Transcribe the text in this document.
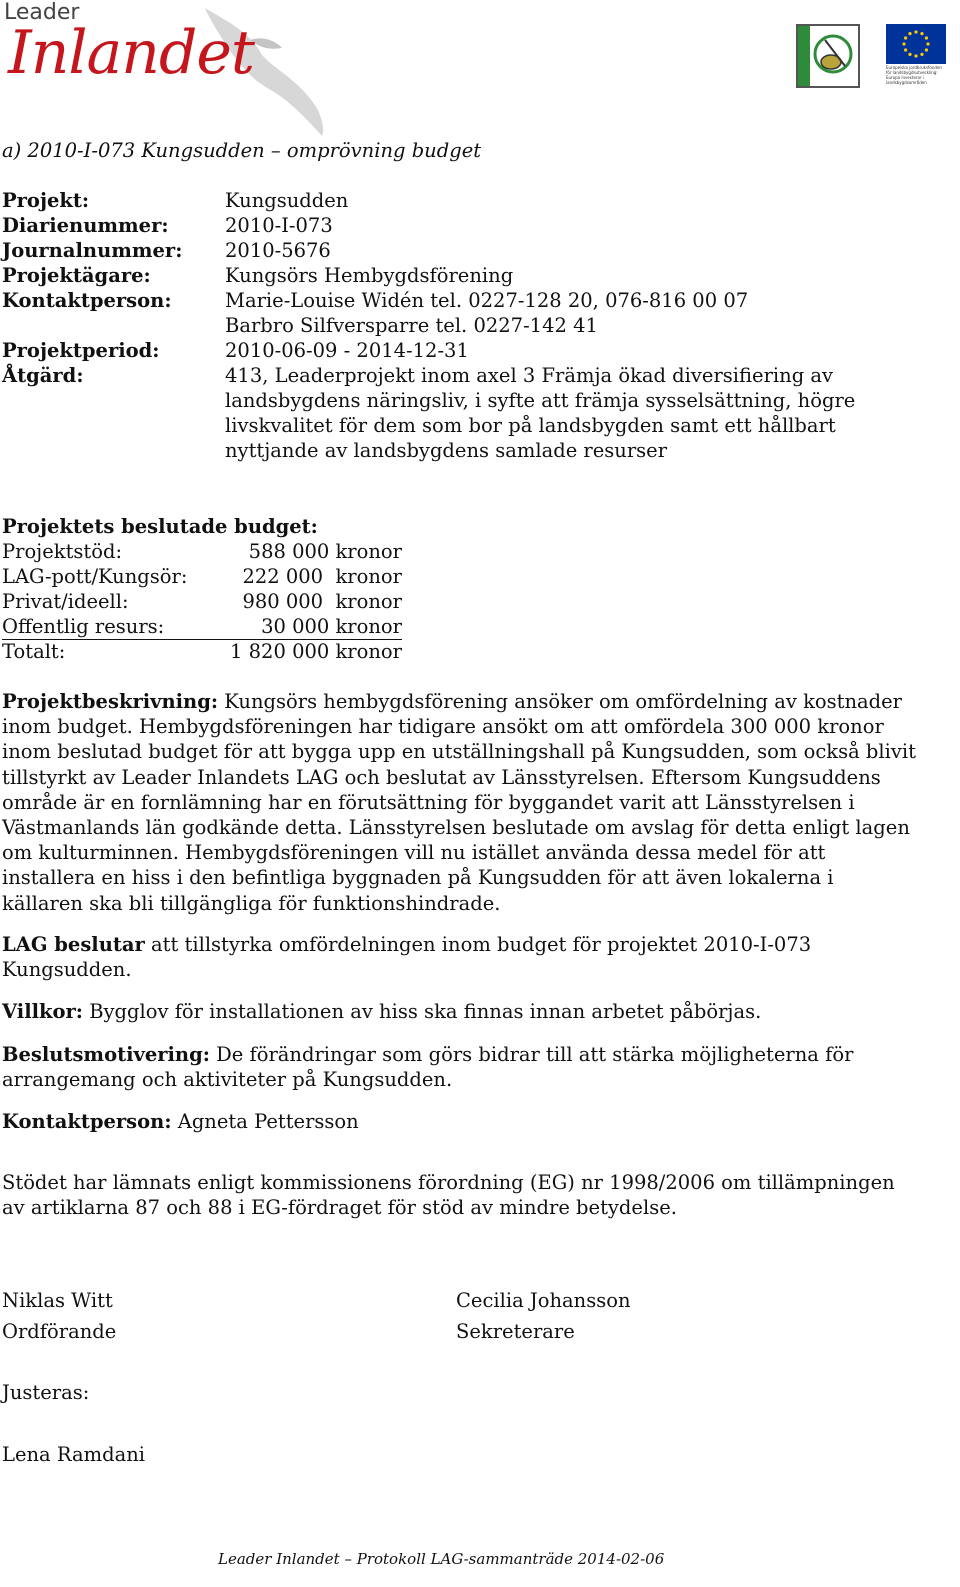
Leader
Inlandet	LEADER	Europeiska jordbruksfonden för landsbygdsutveckling: Europa investerar i landsbygdsområden
a) 2010-I-073 Kungsudden – omprövning budget
Projekt:	Kungsudden
Diarienummer:	2010-I-073
Journalnummer: 2010-5676
Projektägare:	Kungsörs Hembygdsförening
Kontaktperson:	Marie-Louise Widén tel. 0227-128 20, 076-816 00 07
Barbro Silfversparre tel. 0227-142 41
Projektperiod:	2010-06-09 - 2014-12-31
Åtgärd:	413, Leaderprojekt inom axel 3 Främja ökad diversifiering av
landsbygdens näringsliv, i syfte att främja sysselsättning, högre
livskvalitet för dem som bor på landsbygden samt ett hållbart
nyttjande av landsbygdens samlade resurser
Projektets beslutade budget:
Projektstöd:	588 000 kronor
LAG-pott/Kungsör:	222 000  kronor
Privat/ideell:	980 000  kronor
Offentlig resurs:	30 000 kronor
Totalt:	1 820 000 kronor
Projektbeskrivning: Kungsörs hembygdsförening ansöker om omfördelning av kostnader inom budget. Hembygdsföreningen har tidigare ansökt om att omfördela 300 000 kronor inom beslutad budget för att bygga upp en utställningshall på Kungsudden, som också blivit tillstyrkt av Leader Inlandets LAG och beslutat av Länsstyrelsen. Eftersom Kungsuddens område är en fornlämning har en förutsättning för byggandet varit att Länsstyrelsen i Västmanlands län godkände detta. Länsstyrelsen beslutade om avslag för detta enligt lagen om kulturminnen. Hembygdsföreningen vill nu istället använda dessa medel för att installera en hiss i den befintliga byggnaden på Kungsudden för att även lokalerna i källaren ska bli tillgängliga för funktionshindrade.
LAG beslutar att tillstyrka omfördelningen inom budget för projektet 2010-I-073 Kungsudden.
Villkor: Bygglov för installationen av hiss ska finnas innan arbetet påbörjas.
Beslutsmotivering: De förändringar som görs bidrar till att stärka möjligheterna för arrangemang och aktiviteter på Kungsudden.
Kontaktperson: Agneta Pettersson
Stödet har lämnats enligt kommissionens förordning (EG) nr 1998/2006 om tillämpningen av artiklarna 87 och 88 i EG-fördraget för stöd av mindre betydelse.
Niklas Witt
Ordförande
Cecilia Johansson
Sekreterare
Justeras:
Lena Ramdani
Leader Inlandet – Protokoll LAG-sammanträde 2014-02-06
